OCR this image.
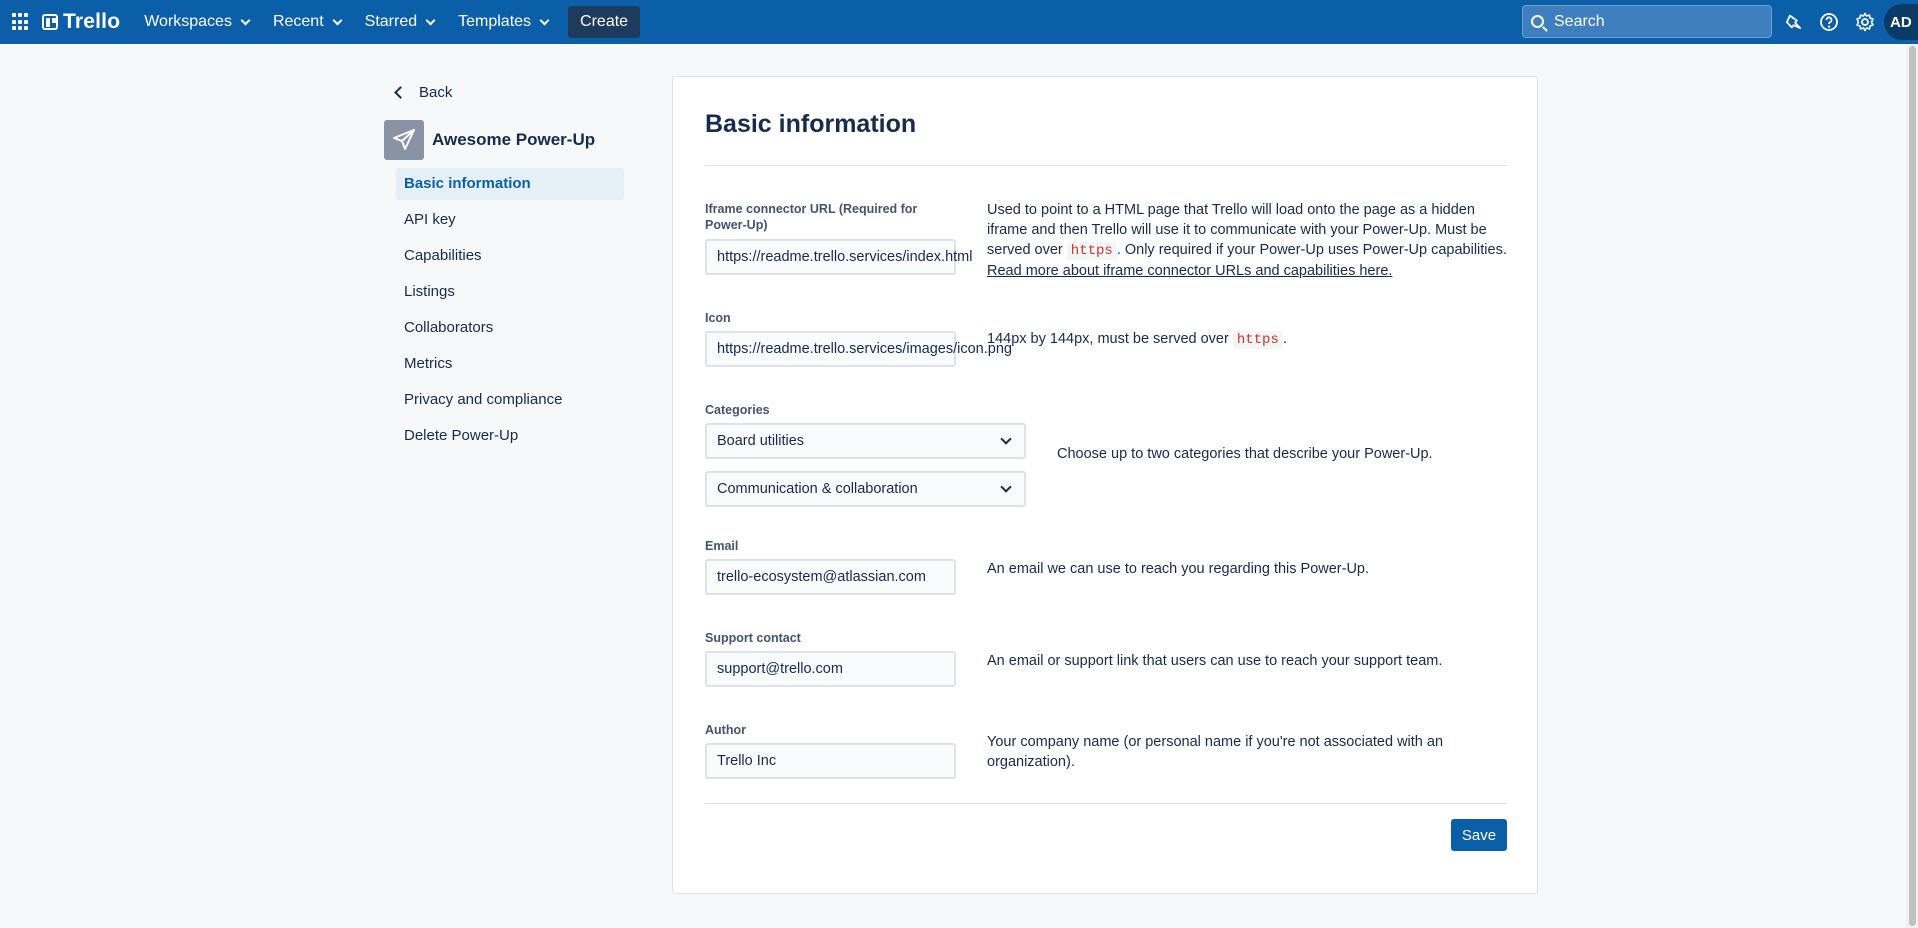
Trello Workspaces	Recent	Starred	Templates	Create	Search	AD
Back
Awesome Power-Up
Basic information
API key
Capabilities
Listings
Collaborators
Metrics
Privacy and compliance
Delete Power-Up
Basic information
Iframe connector URL (Required for Power-Up)
https://readme.trello.services/index.html
Used to point to a HTML page that Trello will load onto the page as a hidden iframe and then Trello will use it to communicate with your Power-Up. Must be served over https . Only required if your Power-Up uses Power-Up capabilities. Read more about iframe connector URLs and capabilities here.
Icon
https://readme.trello.services/images/icon.png
144px by 144px, must be served over https .
Categories
Board utilities
Communication & collaboration
Choose up to two categories that describe your Power-Up.
Email
trello-ecosystem@atlassian.com	An email we can use to reach you regarding this Power-Up.
Support contact
support@trello.com	An email or support link that users can use to reach your support team.
Author
Trello Inc
Your company name (or personal name if you're not associated with an organization).
Save
